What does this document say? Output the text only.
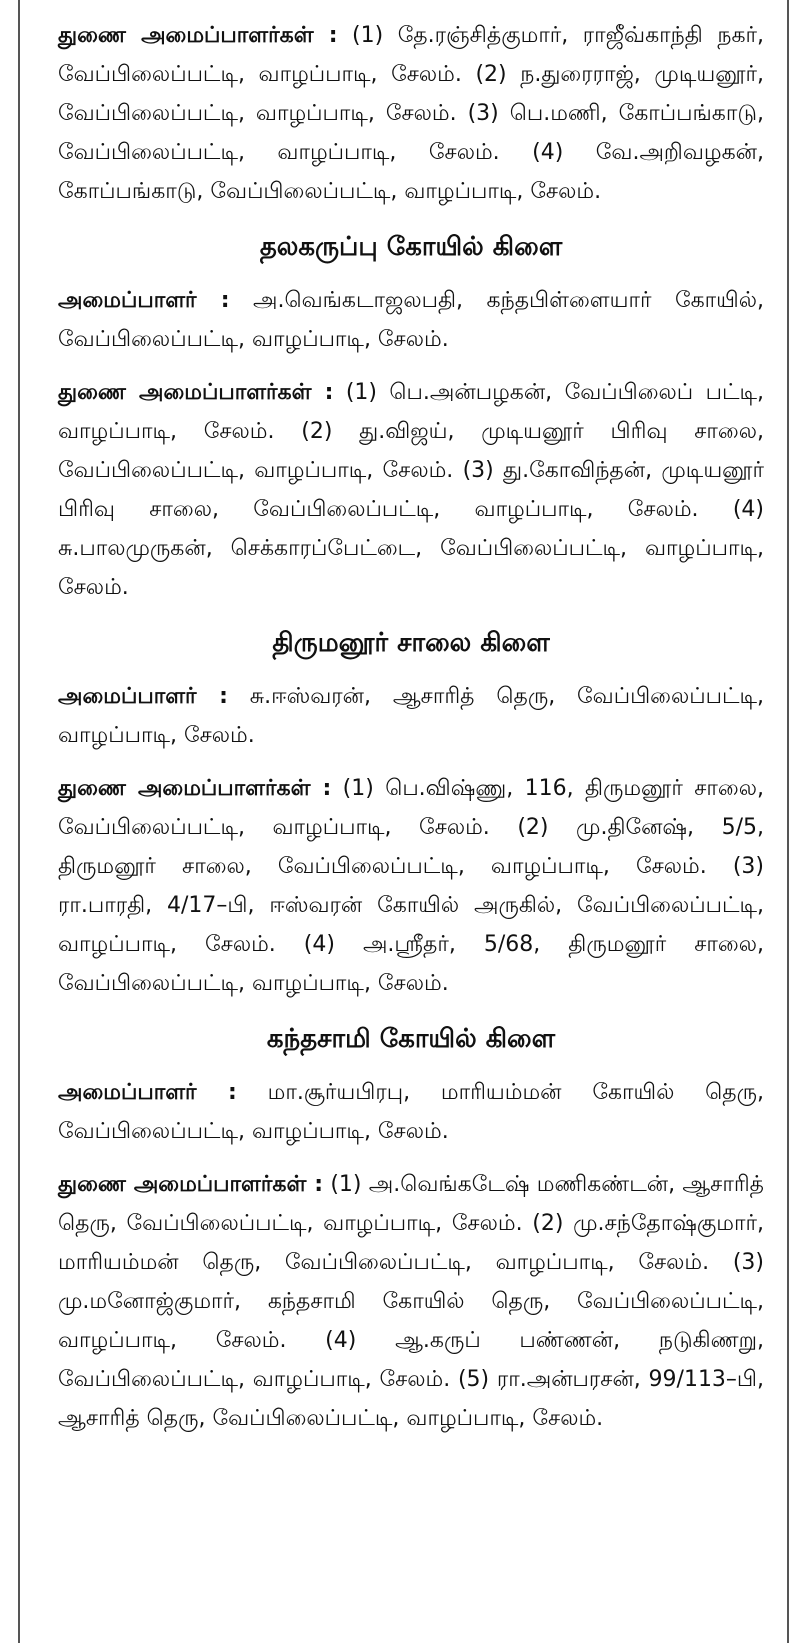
துணை அமைப்பாளர்கள் : (1) தே.ரஞ்சித்குமார், ராஜீவ்காந்தி நகர், வேப்பிலைப்பட்டி, வாழப்பாடி, சேலம். (2) ந.துரைராஜ், முடியனூர், வேப்பிலைப்பட்டி, வாழப்பாடி, சேலம். (3) பெ.மணி, கோப்பங்காடு, வேப்பிலைப்பட்டி, வாழப்பாடி, சேலம். (4) வே.அறிவழகன், கோப்பங்காடு, வேப்பிலைப்பட்டி, வாழப்பாடி, சேலம்.

தலகருப்பு கோயில் கிளை

அமைப்பாளர் : அ.வெங்கடாஜலபதி, கந்தபிள்ளையார் கோயில், வேப்பிலைப்பட்டி, வாழப்பாடி, சேலம்.

துணை அமைப்பாளர்கள் : (1) பெ.அன்பழகன், வேப்பிலைப் பட்டி, வாழப்பாடி, சேலம். (2) து.விஜய், முடியனூர் பிரிவு சாலை, வேப்பிலைப்பட்டி, வாழப்பாடி, சேலம். (3) து.கோவிந்தன், முடியனூர் பிரிவு சாலை, வேப்பிலைப்பட்டி, வாழப்பாடி, சேலம். (4) சு.பாலமுருகன், செக்காரப்பேட்டை, வேப்பிலைப்பட்டி, வாழப்பாடி, சேலம்.

திருமனூர் சாலை கிளை

அமைப்பாளர் : சு.ஈஸ்வரன், ஆசாரித் தெரு, வேப்பிலைப்பட்டி, வாழப்பாடி, சேலம்.

துணை அமைப்பாளர்கள் : (1) பெ.விஷ்ணு, 116, திருமனூர் சாலை, வேப்பிலைப்பட்டி, வாழப்பாடி, சேலம். (2) மு.தினேஷ், 5/5, திருமனூர் சாலை, வேப்பிலைப்பட்டி, வாழப்பாடி, சேலம். (3) ரா.பாரதி, 4/17–பி, ஈஸ்வரன் கோயில் அருகில், வேப்பிலைப்பட்டி, வாழப்பாடி, சேலம். (4) அ.ஸ்ரீதர், 5/68, திருமனூர் சாலை, வேப்பிலைப்பட்டி, வாழப்பாடி, சேலம்.

கந்தசாமி கோயில் கிளை

அமைப்பாளர் : மா.சூர்யபிரபு, மாரியம்மன் கோயில் தெரு, வேப்பிலைப்பட்டி, வாழப்பாடி, சேலம்.

துணை அமைப்பாளர்கள் : (1) அ.வெங்கடேஷ் மணிகண்டன், ஆசாரித் தெரு, வேப்பிலைப்பட்டி, வாழப்பாடி, சேலம். (2) மு.சந்தோஷ்குமார், மாரியம்மன் தெரு, வேப்பிலைப்பட்டி, வாழப்பாடி, சேலம். (3) மு.மனோஜ்குமார், கந்தசாமி கோயில் தெரு, வேப்பிலைப்பட்டி, வாழப்பாடி, சேலம். (4) ஆ.கருப் பண்ணன், நடுகிணறு, வேப்பிலைப்பட்டி, வாழப்பாடி, சேலம். (5) ரா.அன்பரசன், 99/113–பி, ஆசாரித் தெரு, வேப்பிலைப்பட்டி, வாழப்பாடி, சேலம்.
